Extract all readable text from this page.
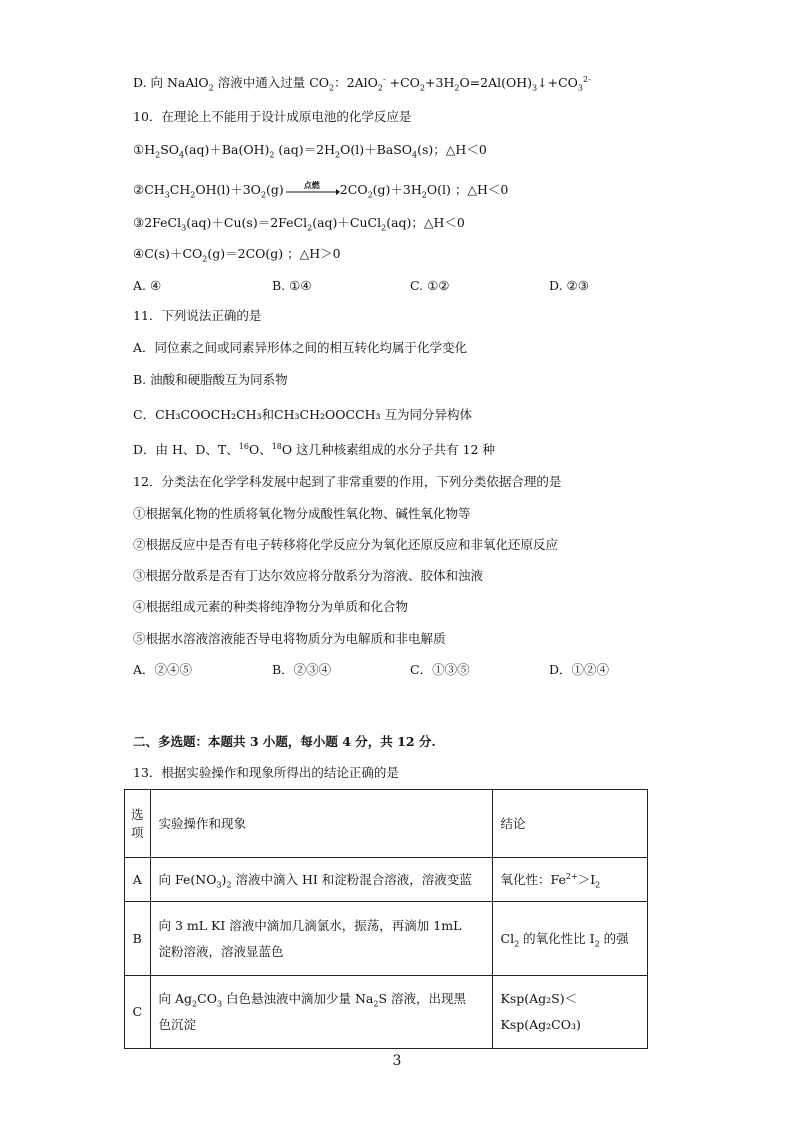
D. 向 NaAlO$_2$ 溶液中通入过量 $CO_2$：$2AlO_2^- +CO_2+3H_2O=2Al(OH)_3↓+CO_3^{2-}$
10．在理论上不能用于设计成原电池的化学反应是
$①H_2SO_4(aq)+Ba(OH)_2$ $(aq)=2H_2O(l)+BaSO_4(s)$；△H＜0
$②CH_3CH_2OH(l)+3O_2(g)$	点燃	$2CO_2(g)+3H_2O(l)$ ；△H＜0
③2FeCl$_3$(aq)＋Cu(s)＝2FeCl$_2$(aq)＋CuCl$_2$(aq)；△H＜0
$④C(s)+CO_2(g)=2CO(g)$ ；△H＞0
A. ④	B. ①④	C. ①②	D. ②③
11．下列说法正确的是
A．同位素之间或同素异形体之间的相互转化均属于化学变化
B. 油酸和硬脂酸互为同系物
C．CH₃COOCH₂CH₃和CH₃CH₂OOCCH₃ 互为同分异构体
D．由 H、D、T、$^{16}$O、$^{18}$O 这几种核素组成的水分子共有 12 种
12．分类法在化学学科发展中起到了非常重要的作用，下列分类依据合理的是
①根据氧化物的性质将氧化物分成酸性氧化物、碱性氧化物等
②根据反应中是否有电子转移将化学反应分为氧化还原反应和非氧化还原反应
③根据分散系是否有丁达尔效应将分散系分为溶液、胶体和浊液
④根据组成元素的种类将纯净物分为单质和化合物
⑤根据水溶液溶液能否导电将物质分为电解质和非电解质
A．②④⑤	B．②③④	C．①③⑤	D．①②④
二、多选题：本题共 3 小题，每小题 4 分，共 12 分.
13．根据实验操作和现象所得出的结论正确的是
选项	实验操作和现象	结论
A	向 $Fe(NO_3)_2$ 溶液中滴入 HI 和淀粉混合溶液，溶液变蓝	氧化性：$Fe^{2+}>I_2$
B	向 3 mL KI 溶液中滴加几滴氯水，振荡，再滴加 1mL
淀粉溶液，溶液显蓝色	$Cl_2$ 的氧化性比 $I_2$ 的强
C	向 $Ag_2CO_3$ 白色悬浊液中滴加少量 $Na_2S$ 溶液，出现黑
色沉淀	Ksp(Ag₂S)＜Ksp(Ag₂CO₃)
3
